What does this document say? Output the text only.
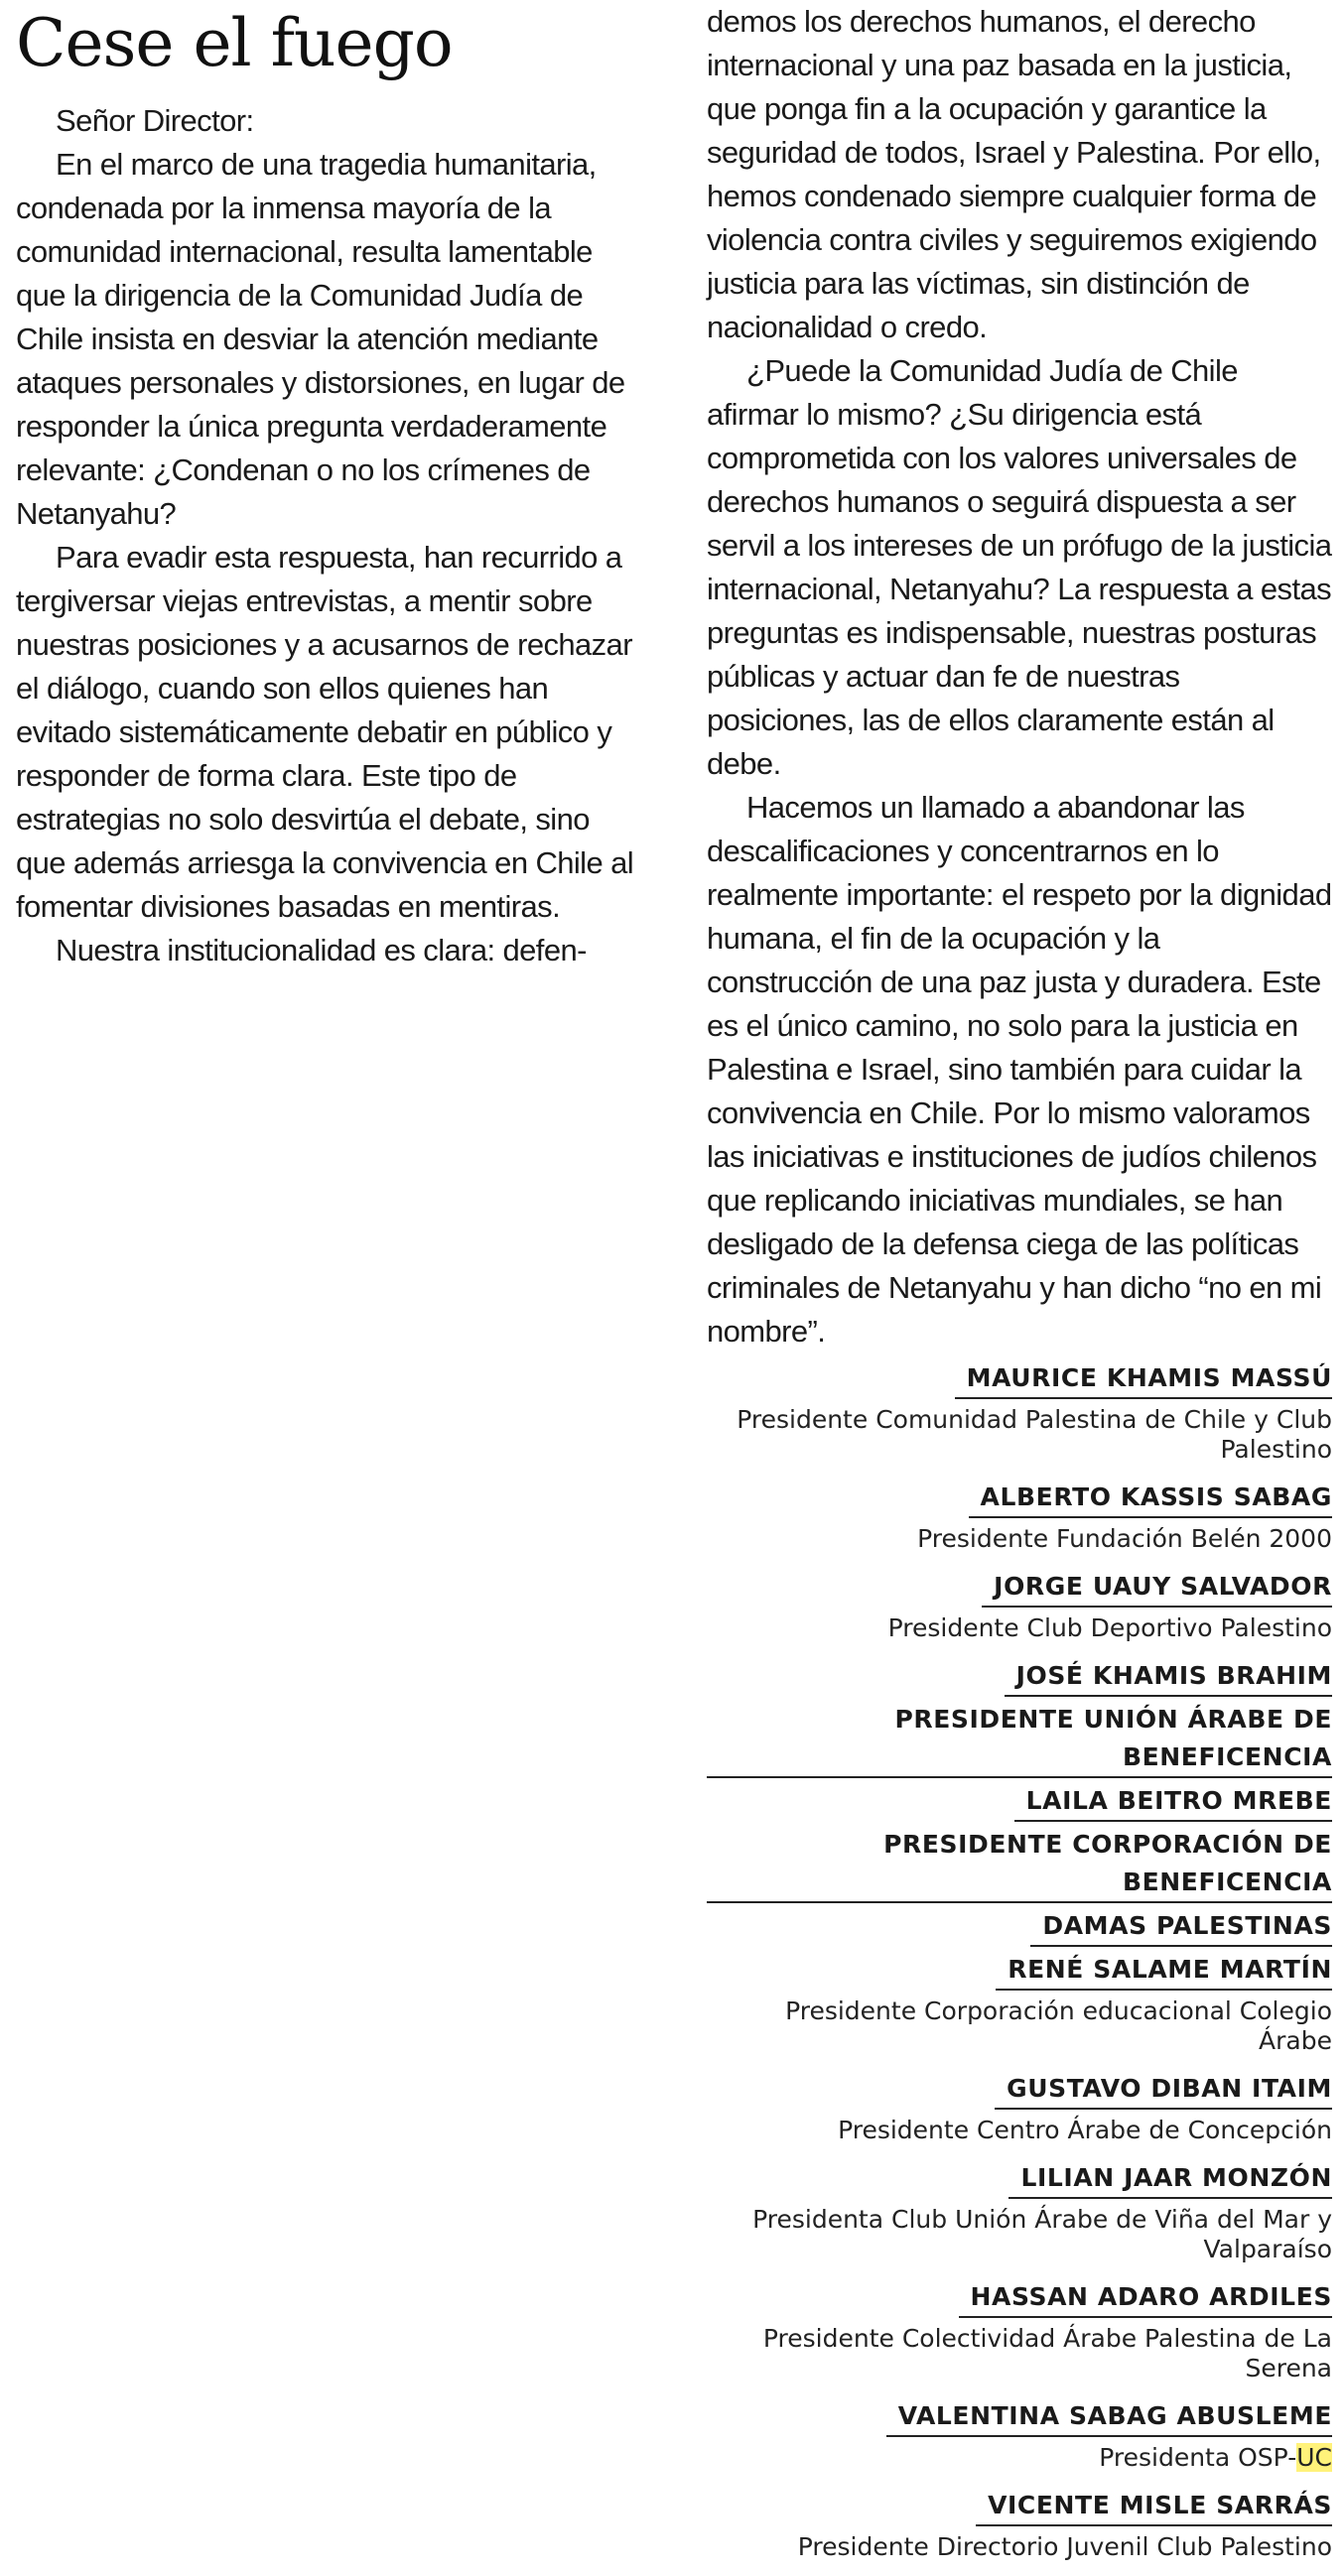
Cese el fuego

Señor Director:

En el marco de una tragedia humanitaria, condenada por la inmensa mayoría de la comunidad internacional, resulta lamentable que la dirigencia de la Comunidad Judía de Chile insista en desviar la atención mediante ataques personales y distorsiones, en lugar de responder la única pregunta verdaderamente relevante: ¿Condenan o no los crímenes de Netanyahu?

Para evadir esta respuesta, han recurrido a tergiversar viejas entrevistas, a mentir sobre nuestras posiciones y a acusarnos de rechazar el diálogo, cuando son ellos quienes han evitado sistemáticamente debatir en público y responder de forma clara. Este tipo de estrategias no solo desvirtúa el debate, sino que además arriesga la convivencia en Chile al fomentar divisiones basadas en mentiras.

Nuestra institucionalidad es clara: defen-

demos los derechos humanos, el derecho internacional y una paz basada en la justicia, que ponga fin a la ocupación y garantice la seguridad de todos, Israel y Palestina. Por ello, hemos condenado siempre cualquier forma de violencia contra civiles y seguiremos exigiendo justicia para las víctimas, sin distinción de nacionalidad o credo.

¿Puede la Comunidad Judía de Chile afirmar lo mismo? ¿Su dirigencia está comprometida con los valores universales de derechos humanos o seguirá dispuesta a ser servil a los intereses de un prófugo de la justicia internacional, Netanyahu? La respuesta a estas preguntas es indispensable, nuestras posturas públicas y actuar dan fe de nuestras posiciones, las de ellos claramente están al debe.

Hacemos un llamado a abandonar las descalificaciones y concentrarnos en lo realmente importante: el respeto por la dignidad humana, el fin de la ocupación y la construcción de una paz justa y duradera. Este es el único camino, no solo para la justicia en Palestina e Israel, sino también para cuidar la convivencia en Chile. Por lo mismo valoramos las iniciativas e instituciones de judíos chilenos que replicando iniciativas mundiales, se han desligado de la defensa ciega de las políticas criminales de Netanyahu y han dicho “no en mi nombre”.

MAURICE KHAMIS MASSÚ
Presidente Comunidad Palestina de Chile y Club Palestino
ALBERTO KASSIS SABAG
Presidente Fundación Belén 2000
JORGE UAUY SALVADOR
Presidente Club Deportivo Palestino
JOSÉ KHAMIS BRAHIM
PRESIDENTE UNIÓN ÁRABE DE BENEFICENCIA
LAILA BEITRO MREBE
PRESIDENTE CORPORACIÓN DE BENEFICENCIA
DAMAS PALESTINAS
RENÉ SALAME MARTÍN
Presidente Corporación educacional Colegio Árabe
GUSTAVO DIBAN ITAIM
Presidente Centro Árabe de Concepción
LILIAN JAAR MONZÓN
Presidenta Club Unión Árabe de Viña del Mar y Valparaíso
HASSAN ADARO ARDILES
Presidente Colectividad Árabe Palestina de La Serena
VALENTINA SABAG ABUSLEME
Presidenta OSP-UC
VICENTE MISLE SARRÁS
Presidente Directorio Juvenil Club Palestino
